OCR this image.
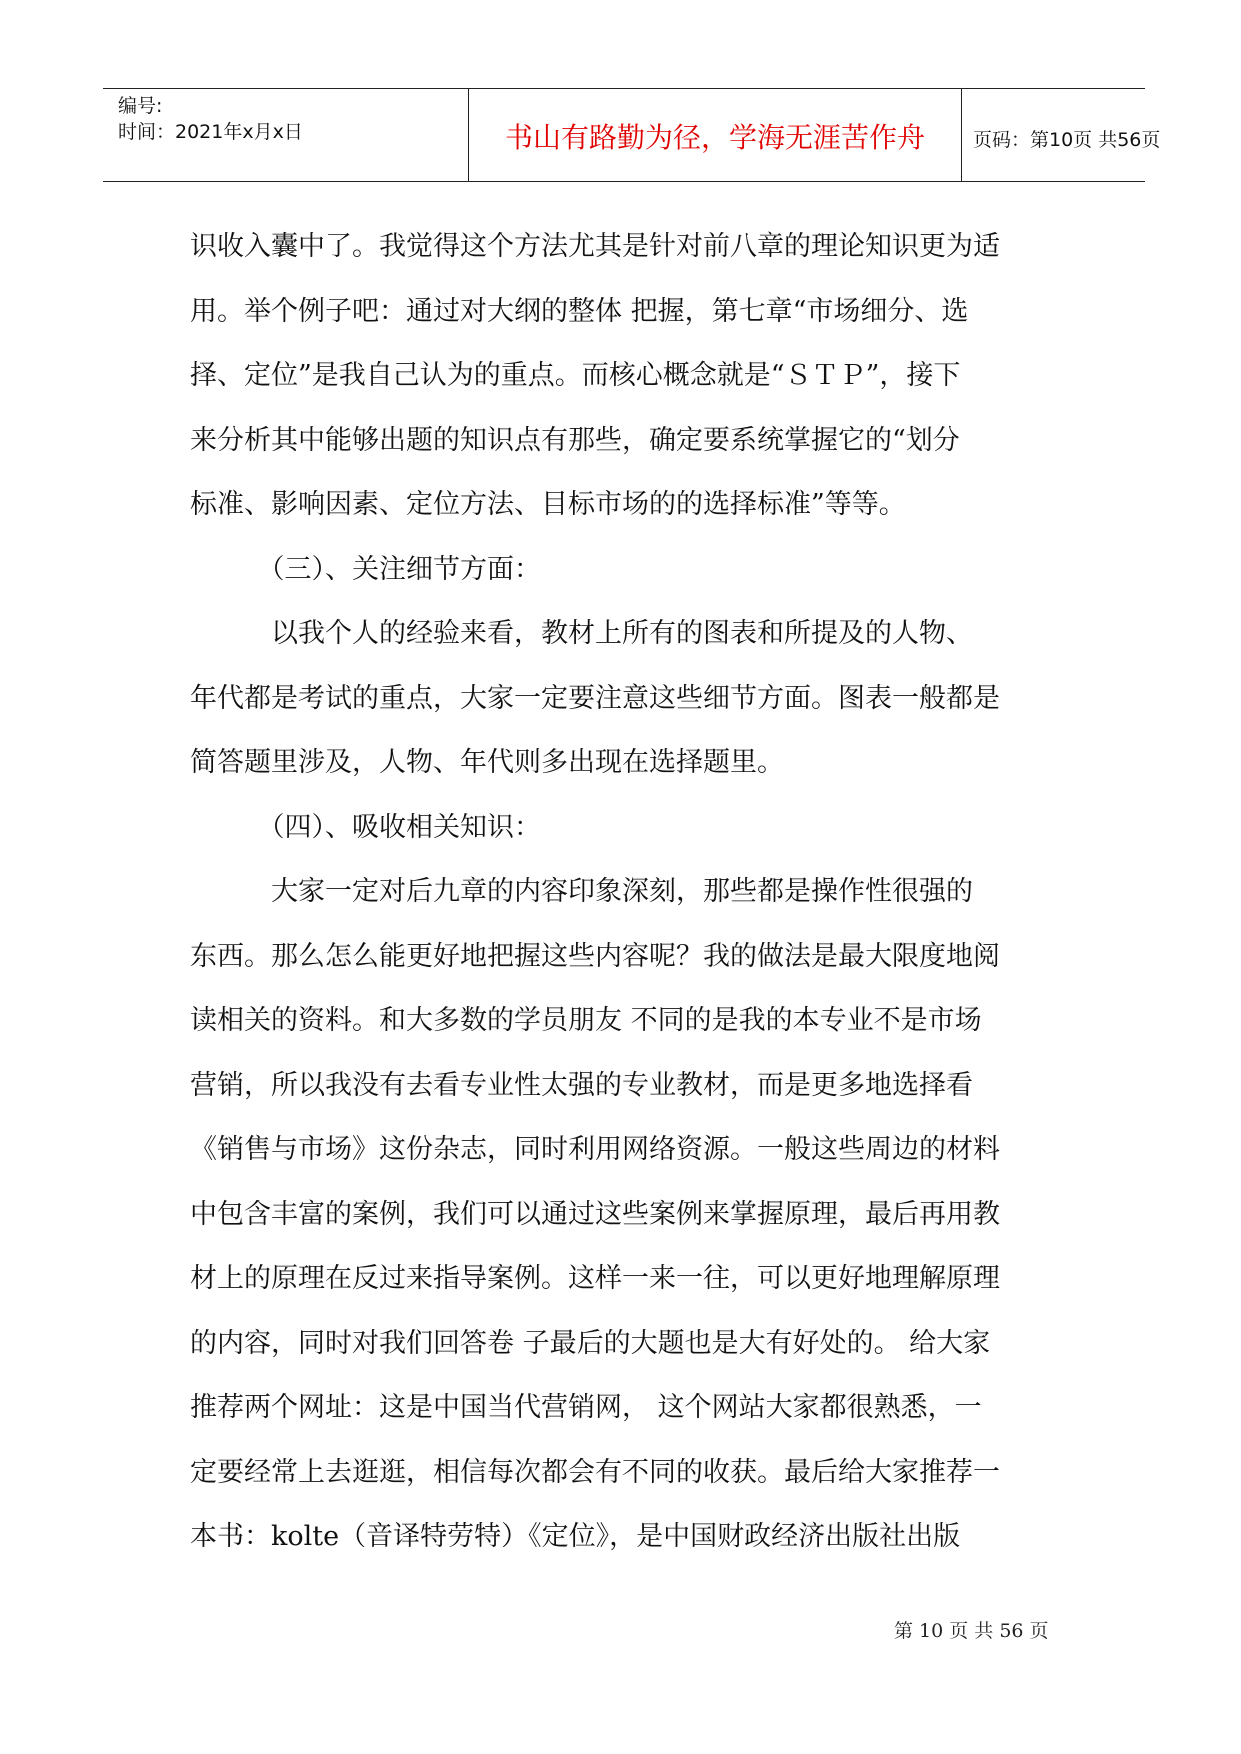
编号:
时间：2021年x月x日	书山有路勤为径，学海无涯苦作舟	页码：第10页 共56页

识收入囊中了。我觉得这个方法尤其是针对前八章的理论知识更为适

用。举个例子吧：通过对大纲的整体 把握，第七章“市场细分、选

择、定位”是我自己认为的重点。而核心概念就是“ＳＴＰ”，接下

来分析其中能够出题的知识点有那些，确定要系统掌握它的“划分

标准、影响因素、定位方法、目标市场的的选择标准”等等。

　　　（三）、关注细节方面：

　　　以我个人的经验来看，教材上所有的图表和所提及的人物、

年代都是考试的重点，大家一定要注意这些细节方面。图表一般都是

简答题里涉及，人物、年代则多出现在选择题里。

　　　（四）、吸收相关知识：

　　　大家一定对后九章的内容印象深刻，那些都是操作性很强的

东西。那么怎么能更好地把握这些内容呢？我的做法是最大限度地阅

读相关的资料。和大多数的学员朋友 不同的是我的本专业不是市场

营销，所以我没有去看专业性太强的专业教材，而是更多地选择看

《销售与市场》这份杂志，同时利用网络资源。一般这些周边的材料

中包含丰富的案例，我们可以通过这些案例来掌握原理，最后再用教

材上的原理在反过来指导案例。这样一来一往，可以更好地理解原理

的内容，同时对我们回答卷 子最后的大题也是大有好处的。 给大家

推荐两个网址：这是中国当代营销网， 这个网站大家都很熟悉，一

定要经常上去逛逛，相信每次都会有不同的收获。最后给大家推荐一

本书：kolte（音译特劳特）《定位》，是中国财政经济出版社出版

第 10 页 共 56 页
